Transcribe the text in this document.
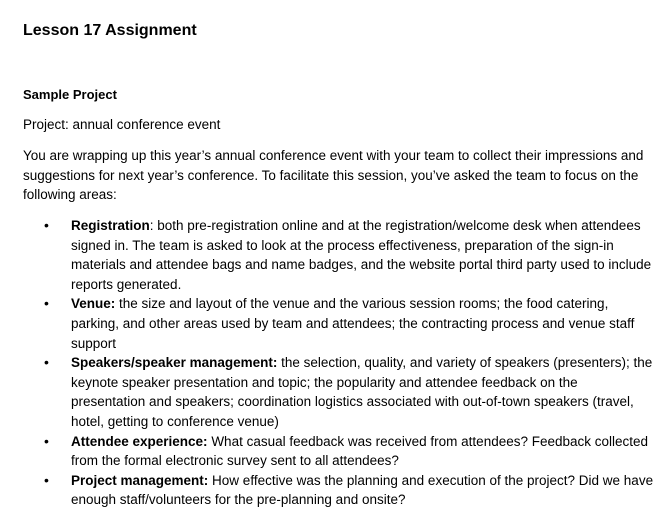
Lesson 17 Assignment
Sample Project
Project: annual conference event

You are wrapping up this year’s annual conference event with your team to collect their impressions and suggestions for next year’s conference. To facilitate this session, you’ve asked the team to focus on the following areas:

• Registration: both pre-registration online and at the registration/welcome desk when attendees signed in. The team is asked to look at the process effectiveness, preparation of the sign-in materials and attendee bags and name badges, and the website portal third party used to include reports generated.
• Venue: the size and layout of the venue and the various session rooms; the food catering, parking, and other areas used by team and attendees; the contracting process and venue staff support
• Speakers/speaker management: the selection, quality, and variety of speakers (presenters); the keynote speaker presentation and topic; the popularity and attendee feedback on the presentation and speakers; coordination logistics associated with out-of-town speakers (travel, hotel, getting to conference venue)
• Attendee experience: What casual feedback was received from attendees? Feedback collected from the formal electronic survey sent to all attendees?
• Project management: How effective was the planning and execution of the project? Did we have enough staff/volunteers for the pre-planning and onsite?
